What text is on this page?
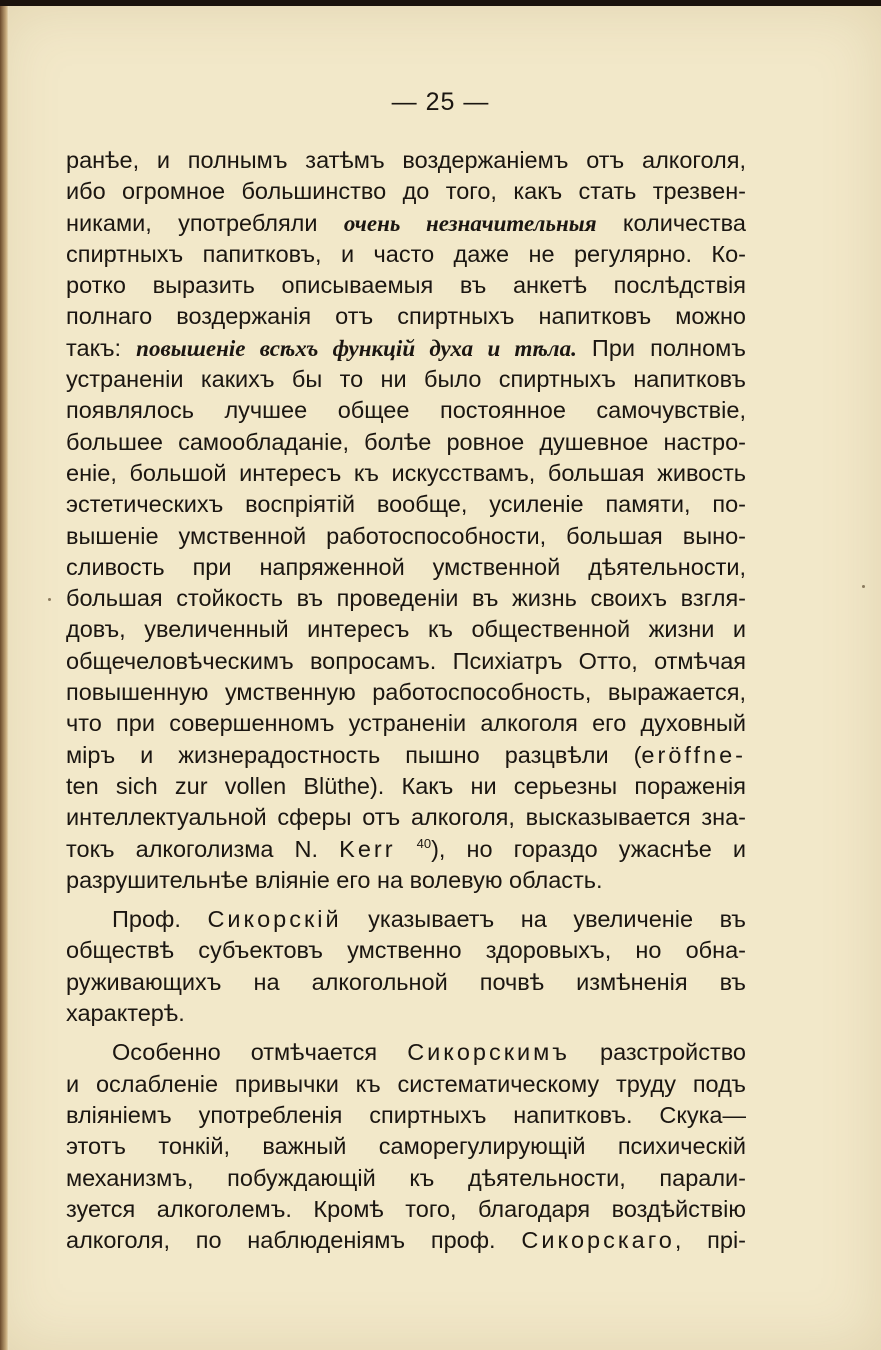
— 25 —
ранѣе, и полнымъ затѣмъ воздержаніемъ отъ алкоголя,
ибо огромное большинство до того, какъ стать трезвен-
никами, употребляли очень незначительныя количества
спиртныхъ папитковъ, и часто даже не регулярно. Ко-
ротко выразить описываемыя въ анкетѣ послѣдствія
полнаго воздержанія отъ спиртныхъ напитковъ можно
такъ: повышеніе всѣхъ функцій духа и тѣла. При полномъ
устраненіи какихъ бы то ни было спиртныхъ напитковъ
появлялось лучшее общее постоянное самочувствіе,
большее самообладаніе, болѣе ровное душевное настро-
еніе, большой интересъ къ искусствамъ, большая живость
эстетическихъ воспріятій вообще, усиленіе памяти, по-
вышеніе умственной работоспособности, большая выно-
сливость при напряженной умственной дѣятельности,
большая стойкость въ проведеніи въ жизнь своихъ взгля-
довъ, увеличенный интересъ къ общественной жизни и
общечеловѣческимъ вопросамъ. Психіатръ Отто, отмѣчая
повышенную умственную работоспособность, выражается,
что при совершенномъ устраненіи алкоголя его духовный
міръ и жизнерадостность пышно разцвѣли (eröffne-
ten sich zur vollen Blüthe). Какъ ни серьезны пораженія
интеллектуальной сферы отъ алкоголя, высказывается зна-
токъ алкоголизма N. Kerr $^{40}$), но гораздо ужаснѣе и
разрушительнѣе вліяніе его на волевую область.
Проф. Сикорскій указываетъ на увеличеніе въ
обществѣ субъектовъ умственно здоровыхъ, но обна-
руживающихъ на алкогольной почвѣ измѣненія въ
характерѣ.
Особенно отмѣчается Сикорскимъ разстройство
и ослабленіе привычки къ систематическому труду подъ
вліяніемъ употребленія спиртныхъ напитковъ. Скука—
этотъ тонкій, важный саморегулирующій психическій
механизмъ, побуждающій къ дѣятельности, парали-
зуется алкоголемъ. Кромѣ того, благодаря воздѣйствію
алкоголя, по наблюденіямъ проф. Сикорскаго, прі-
